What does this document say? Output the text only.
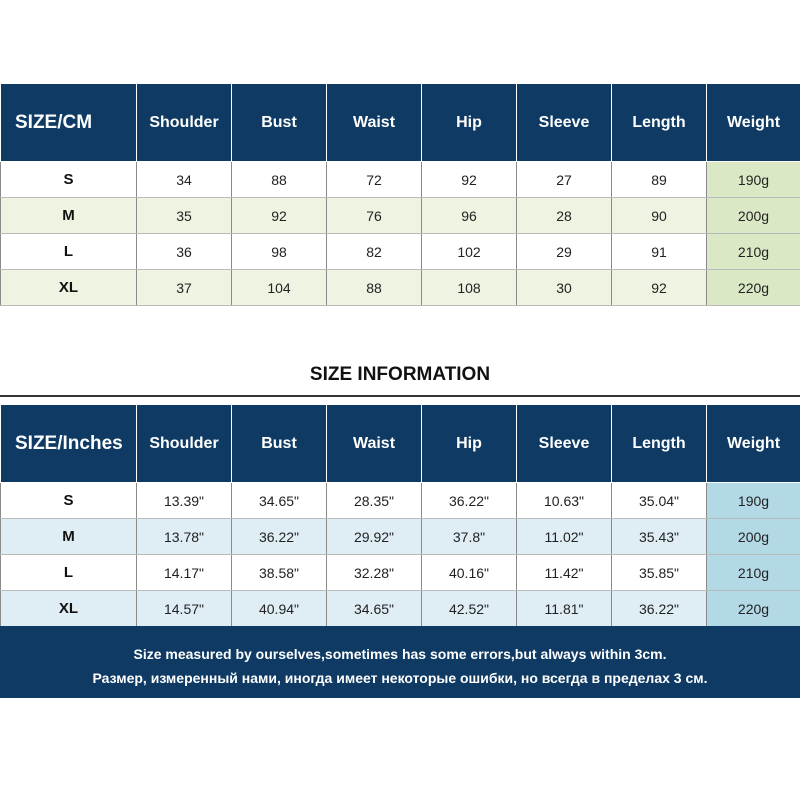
SIZE/CM	Shoulder	Bust	Waist	Hip	Sleeve	Length	Weight
S	34	88	72	92	27	89	190g
M	35	92	76	96	28	90	200g
L	36	98	82	102	29	91	210g
XL	37	104	88	108	30	92	220g
SIZE INFORMATION
SIZE/Inches	Shoulder	Bust	Waist	Hip	Sleeve	Length	Weight
S	13.39"	34.65"	28.35"	36.22"	10.63"	35.04"	190g
M	13.78"	36.22"	29.92"	37.8"	11.02"	35.43"	200g
L	14.17"	38.58"	32.28"	40.16"	11.42"	35.85"	210g
XL	14.57"	40.94"	34.65"	42.52"	11.81"	36.22"	220g
Size measured by ourselves,sometimes has some errors,but always within 3cm.
Размер, измеренный нами, иногда имеет некоторые ошибки, но всегда в пределах 3 см.
